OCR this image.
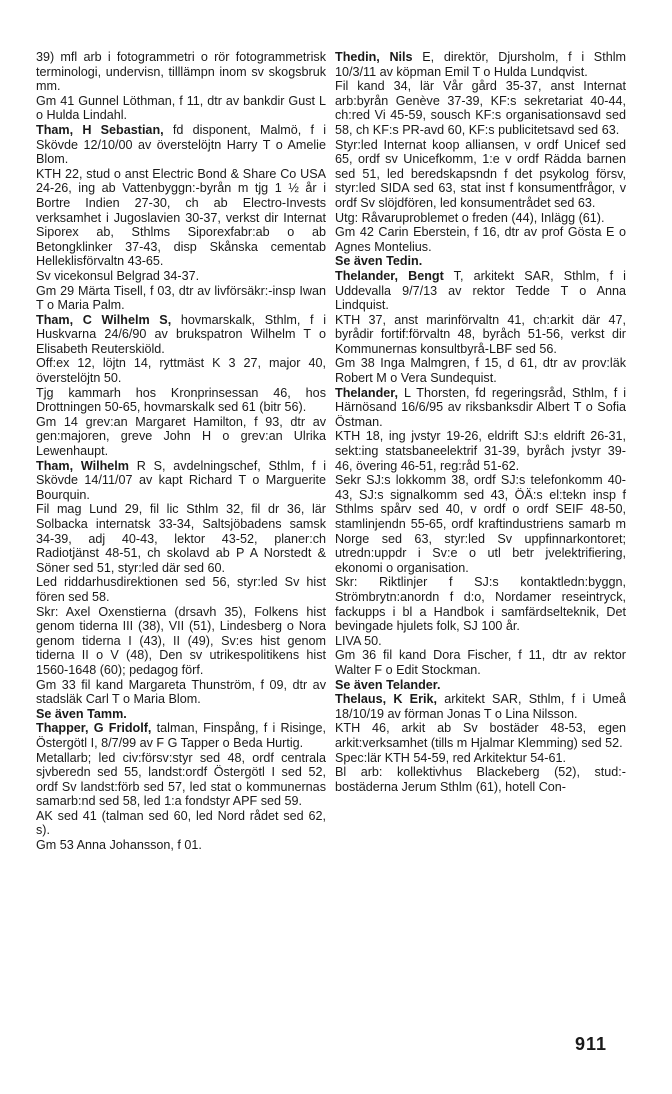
39) mfl arb i fotogrammetri o rör fotogrammetrisk terminologi, undervisn, tilllämpn inom sv skogsbruk mm.

Gm 41 Gunnel Löthman, f 11, dtr av bankdir Gust L o Hulda Lindahl.

Tham, H Sebastian, fd disponent, Malmö, f i Skövde 12/10/00 av överstelöjtn Harry T o Amelie Blom.

KTH 22, stud o anst Electric Bond & Share Co USA 24-26, ing ab Vattenbyggn:-byrån m tjg 1 ½ år i Bortre Indien 27-30, ch ab Electro-Invests verksamhet i Jugoslavien 30-37, verkst dir Internat Siporex ab, Sthlms Siporexfabr:ab o ab Betongklinker 37-43, disp Skånska cementab Helleklisförvaltn 43-65.

Sv vicekonsul Belgrad 34-37.

Gm 29 Märta Tisell, f 03, dtr av livförsäkr:-insp Iwan T o Maria Palm.

Tham, C Wilhelm S, hovmarskalk, Sthlm, f i Huskvarna 24/6/90 av brukspatron Wilhelm T o Elisabeth Reuterskiöld.

Off:ex 12, löjtn 14, ryttmäst K 3 27, major 40, överstelöjtn 50.

Tjg kammarh hos Kronprinsessan 46, hos Drottningen 50-65, hovmarskalk sed 61 (bitr 56).

Gm 14 grev:an Margaret Hamilton, f 93, dtr av gen:majoren, greve John H o grev:an Ulrika Lewenhaupt.

Tham, Wilhelm R S, avdelningschef, Sthlm, f i Skövde 14/11/07 av kapt Richard T o Marguerite Bourquin.

Fil mag Lund 29, fil lic Sthlm 32, fil dr 36, lär Solbacka internatsk 33-34, Saltsjöbadens samsk 34-39, adj 40-43, lektor 43-52, planer:ch Radiotjänst 48-51, ch skolavd ab P A Norstedt & Söner sed 51, styr:led där sed 60.

Led riddarhusdirektionen sed 56, styr:led Sv hist fören sed 58.

Skr: Axel Oxenstierna (drsavh 35), Folkens hist genom tiderna III (38), VII (51), Lindesberg o Nora genom tiderna I (43), II (49), Sv:es hist genom tiderna II o V (48), Den sv utrikespolitikens hist 1560-1648 (60); pedagog förf.

Gm 33 fil kand Margareta Thunström, f 09, dtr av stadsläk Carl T o Maria Blom.

Se även Tamm.

Thapper, G Fridolf, talman, Finspång, f i Risinge, Östergötl I, 8/7/99 av F G Tapper o Beda Hurtig.

Metallarb; led civ:försv:styr sed 48, ordf centrala sjvberedn sed 55, landst:ordf Östergötl I sed 52, ordf Sv landst:förb sed 57, led stat o kommunernas samarb:nd sed 58, led 1:a fondstyr APF sed 59.

AK sed 41 (talman sed 60, led Nord rådet sed 62, s).

Gm 53 Anna Johansson, f 01.

Thedin, Nils E, direktör, Djursholm, f i Sthlm 10/3/11 av köpman Emil T o Hulda Lundqvist.

Fil kand 34, lär Vår gård 35-37, anst Internat arb:byrån Genève 37-39, KF:s sekretariat 40-44, ch:red Vi 45-59, sousch KF:s organisationsavd sed 58, ch KF:s PR-avd 60, KF:s publicitetsavd sed 63.

Styr:led Internat koop alliansen, v ordf Unicef sed 65, ordf sv Unicefkomm, 1:e v ordf Rädda barnen sed 51, led beredskapsndn f det psykolog försv, styr:led SIDA sed 63, stat inst f konsumentfrågor, v ordf Sv slöjdfören, led konsumentrådet sed 63.

Utg: Råvaruproblemet o freden (44), Inlägg (61).

Gm 42 Carin Eberstein, f 16, dtr av prof Gösta E o Agnes Montelius.

Se även Tedin.

Thelander, Bengt T, arkitekt SAR, Sthlm, f i Uddevalla 9/7/13 av rektor Tedde T o Anna Lindquist.

KTH 37, anst marinförvaltn 41, ch:arkit där 47, byrådir fortif:förvaltn 48, byråch 51-56, verkst dir Kommunernas konsultbyrå-LBF sed 56.

Gm 38 Inga Malmgren, f 15, d 61, dtr av prov:läk Robert M o Vera Sundequist.

Thelander, L Thorsten, fd regeringsråd, Sthlm, f i Härnösand 16/6/95 av riksbanksdir Albert T o Sofia Östman.

KTH 18, ing jvstyr 19-26, eldrift SJ:s eldrift 26-31, sekt:ing statsbaneelektrif 31-39, byråch jvstyr 39-46, övering 46-51, reg:råd 51-62.

Sekr SJ:s lokkomm 38, ordf SJ:s telefonkomm 40-43, SJ:s signalkomm sed 43, ÖÄ:s el:tekn insp f Sthlms spårv sed 40, v ordf o ordf SEIF 48-50, stamlinjendn 55-65, ordf kraftindustriens samarb m Norge sed 63, styr:led Sv uppfinnarkontoret; utredn:uppdr i Sv:e o utl betr jvelektrifiering, ekonomi o organisation.

Skr: Riktlinjer f SJ:s kontaktledn:byggn, Strömbrytn:anordn f d:o, Nordamer reseintryck, fackupps i bl a Handbok i samfärdselteknik, Det bevingade hjulets folk, SJ 100 år.

LIVA 50.

Gm 36 fil kand Dora Fischer, f 11, dtr av rektor Walter F o Edit Stockman.

Se även Telander.

Thelaus, K Erik, arkitekt SAR, Sthlm, f i Umeå 18/10/19 av förman Jonas T o Lina Nilsson.

KTH 46, arkit ab Sv bostäder 48-53, egen arkit:verksamhet (tills m Hjalmar Klemming) sed 52.

Spec:lär KTH 54-59, red Arkitektur 54-61.

Bl arb: kollektivhus Blackeberg (52), stud:-bostäderna Jerum Sthlm (61), hotell Con-

911
